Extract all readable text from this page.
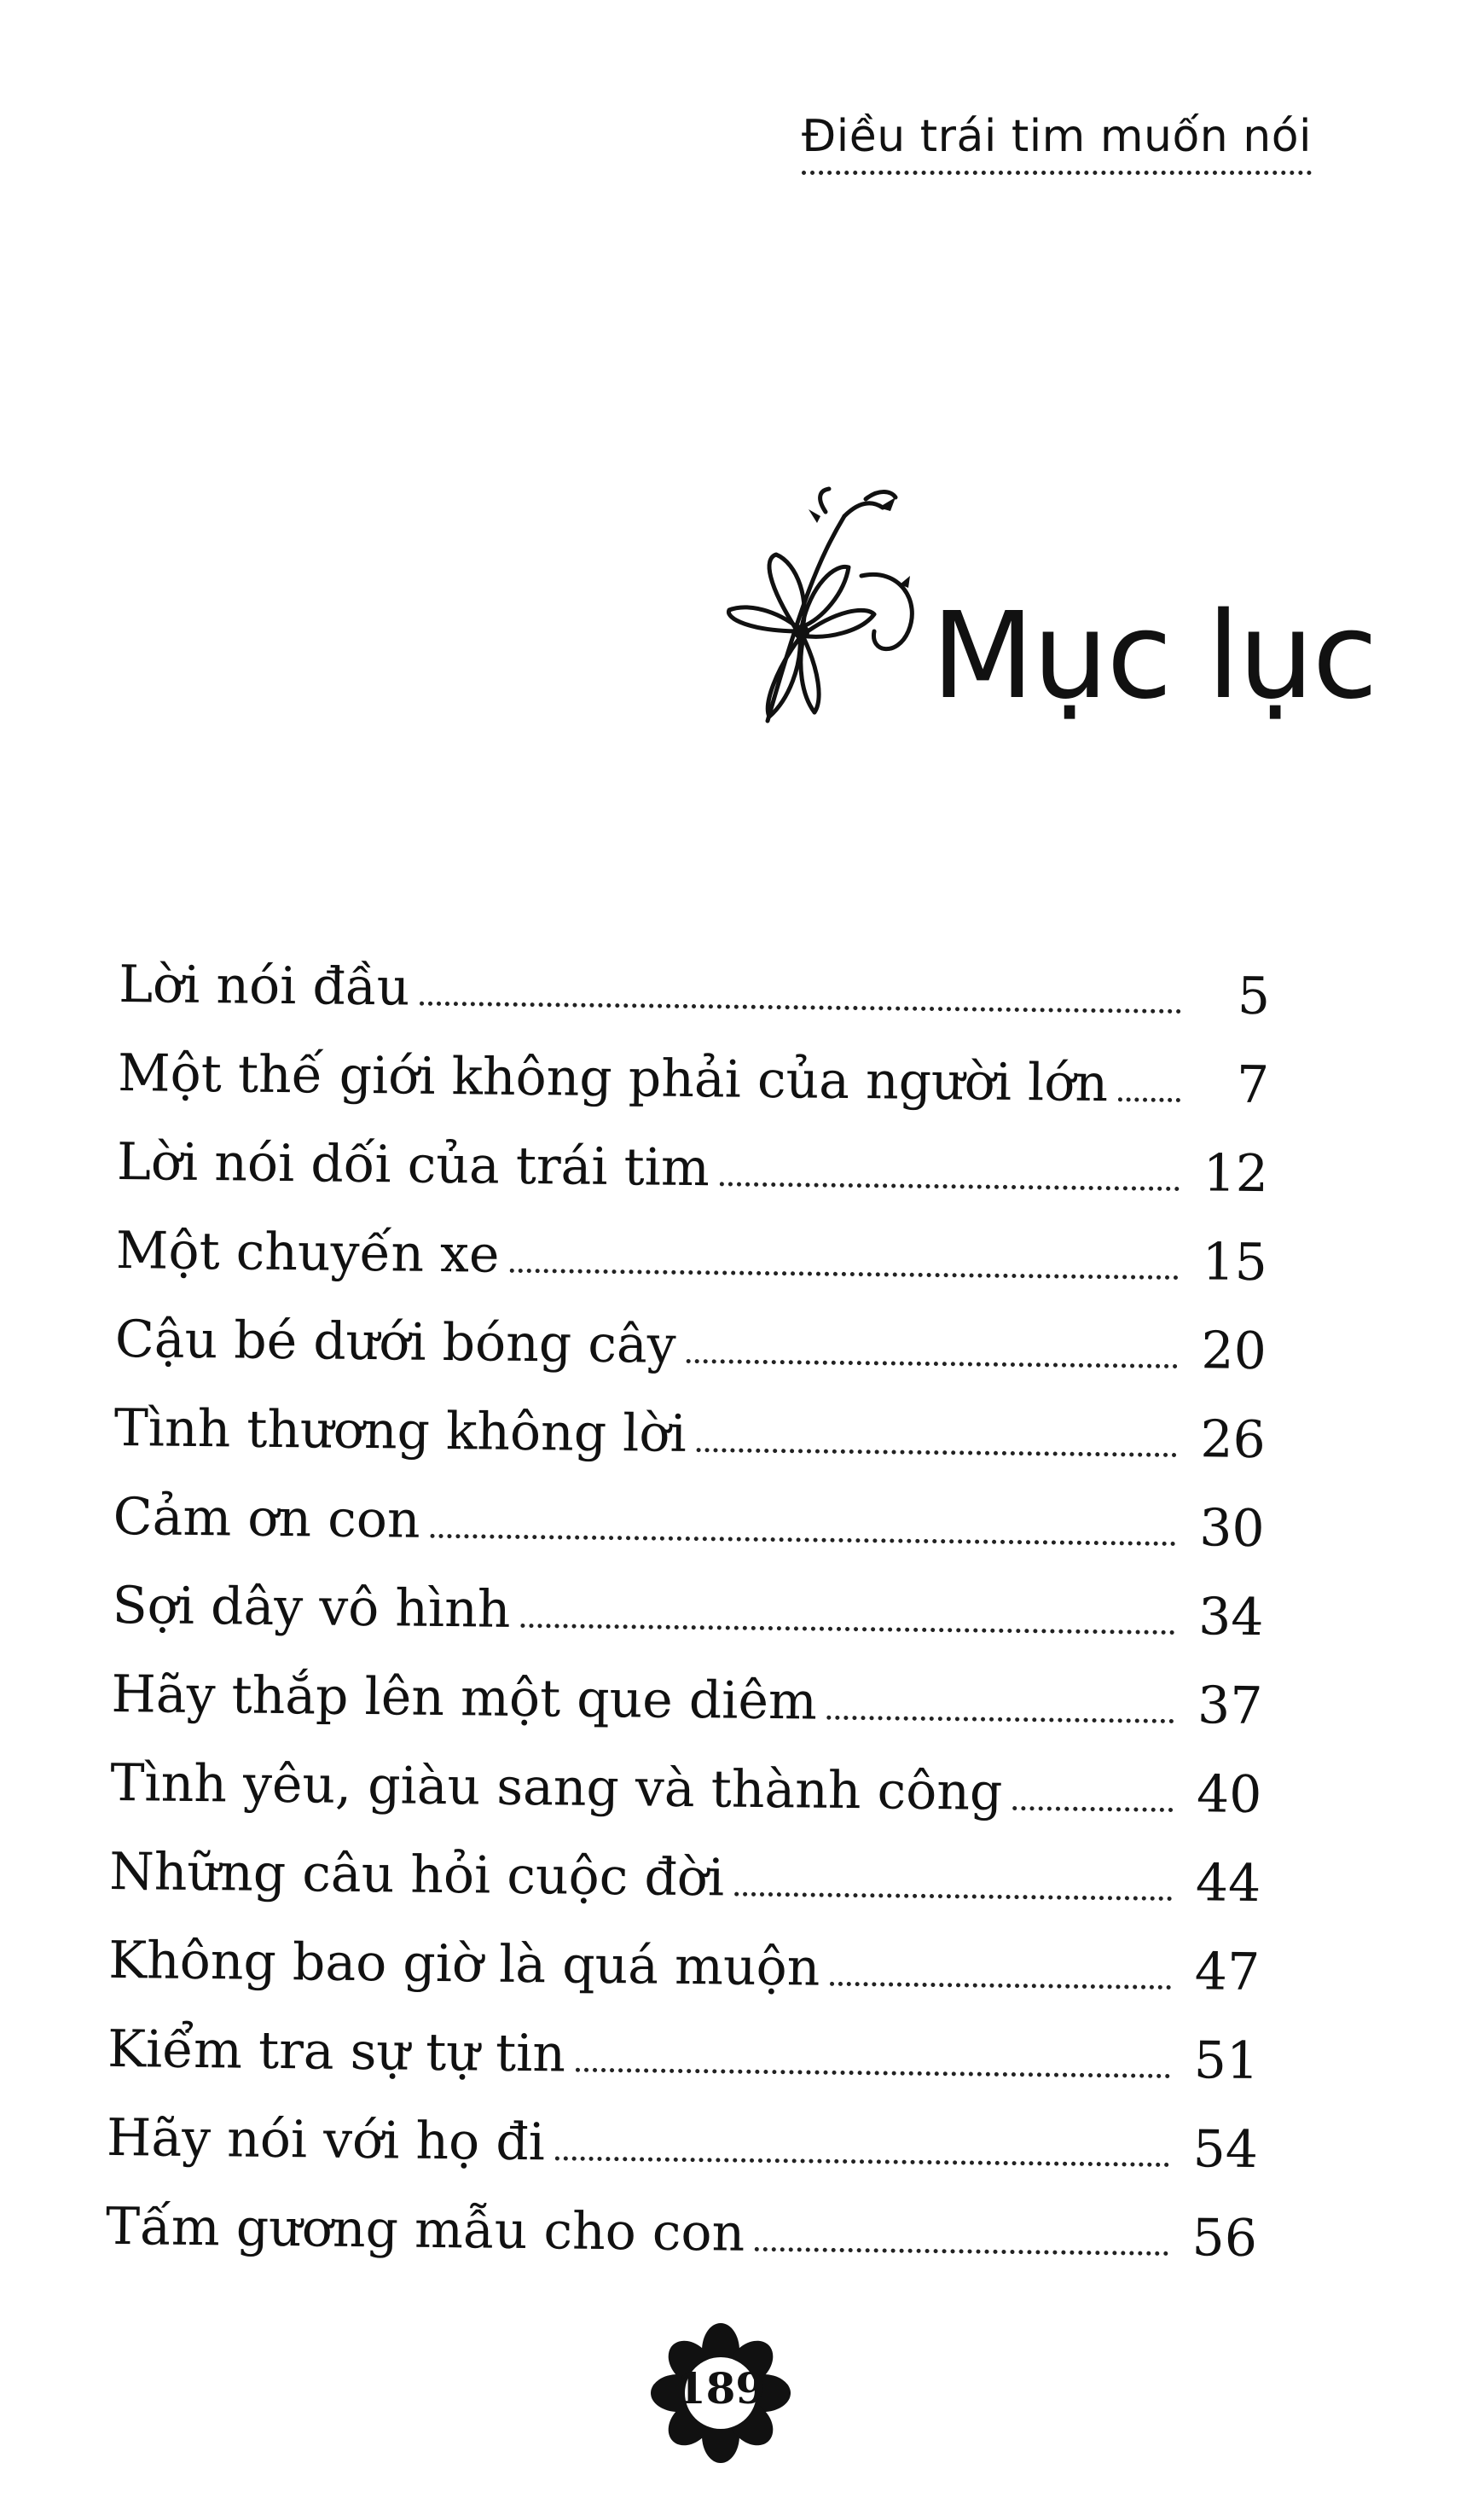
Điều trái tim muốn nói
Mục lục
Lời nói đầu	5
Một thế giới không phải của người lớn	7
Lời nói dối của trái tim	12
Một chuyến xe	15
Cậu bé dưới bóng cây	20
Tình thương không lời	26
Cảm ơn con	30
Sợi dây vô hình	34
Hãy thắp lên một que diêm	37
Tình yêu, giàu sang và thành công	40
Những câu hỏi cuộc đời	44
Không bao giờ là quá muộn	47
Kiểm tra sự tự tin	51
Hãy nói với họ đi	54
Tấm gương mẫu cho con	56
189
